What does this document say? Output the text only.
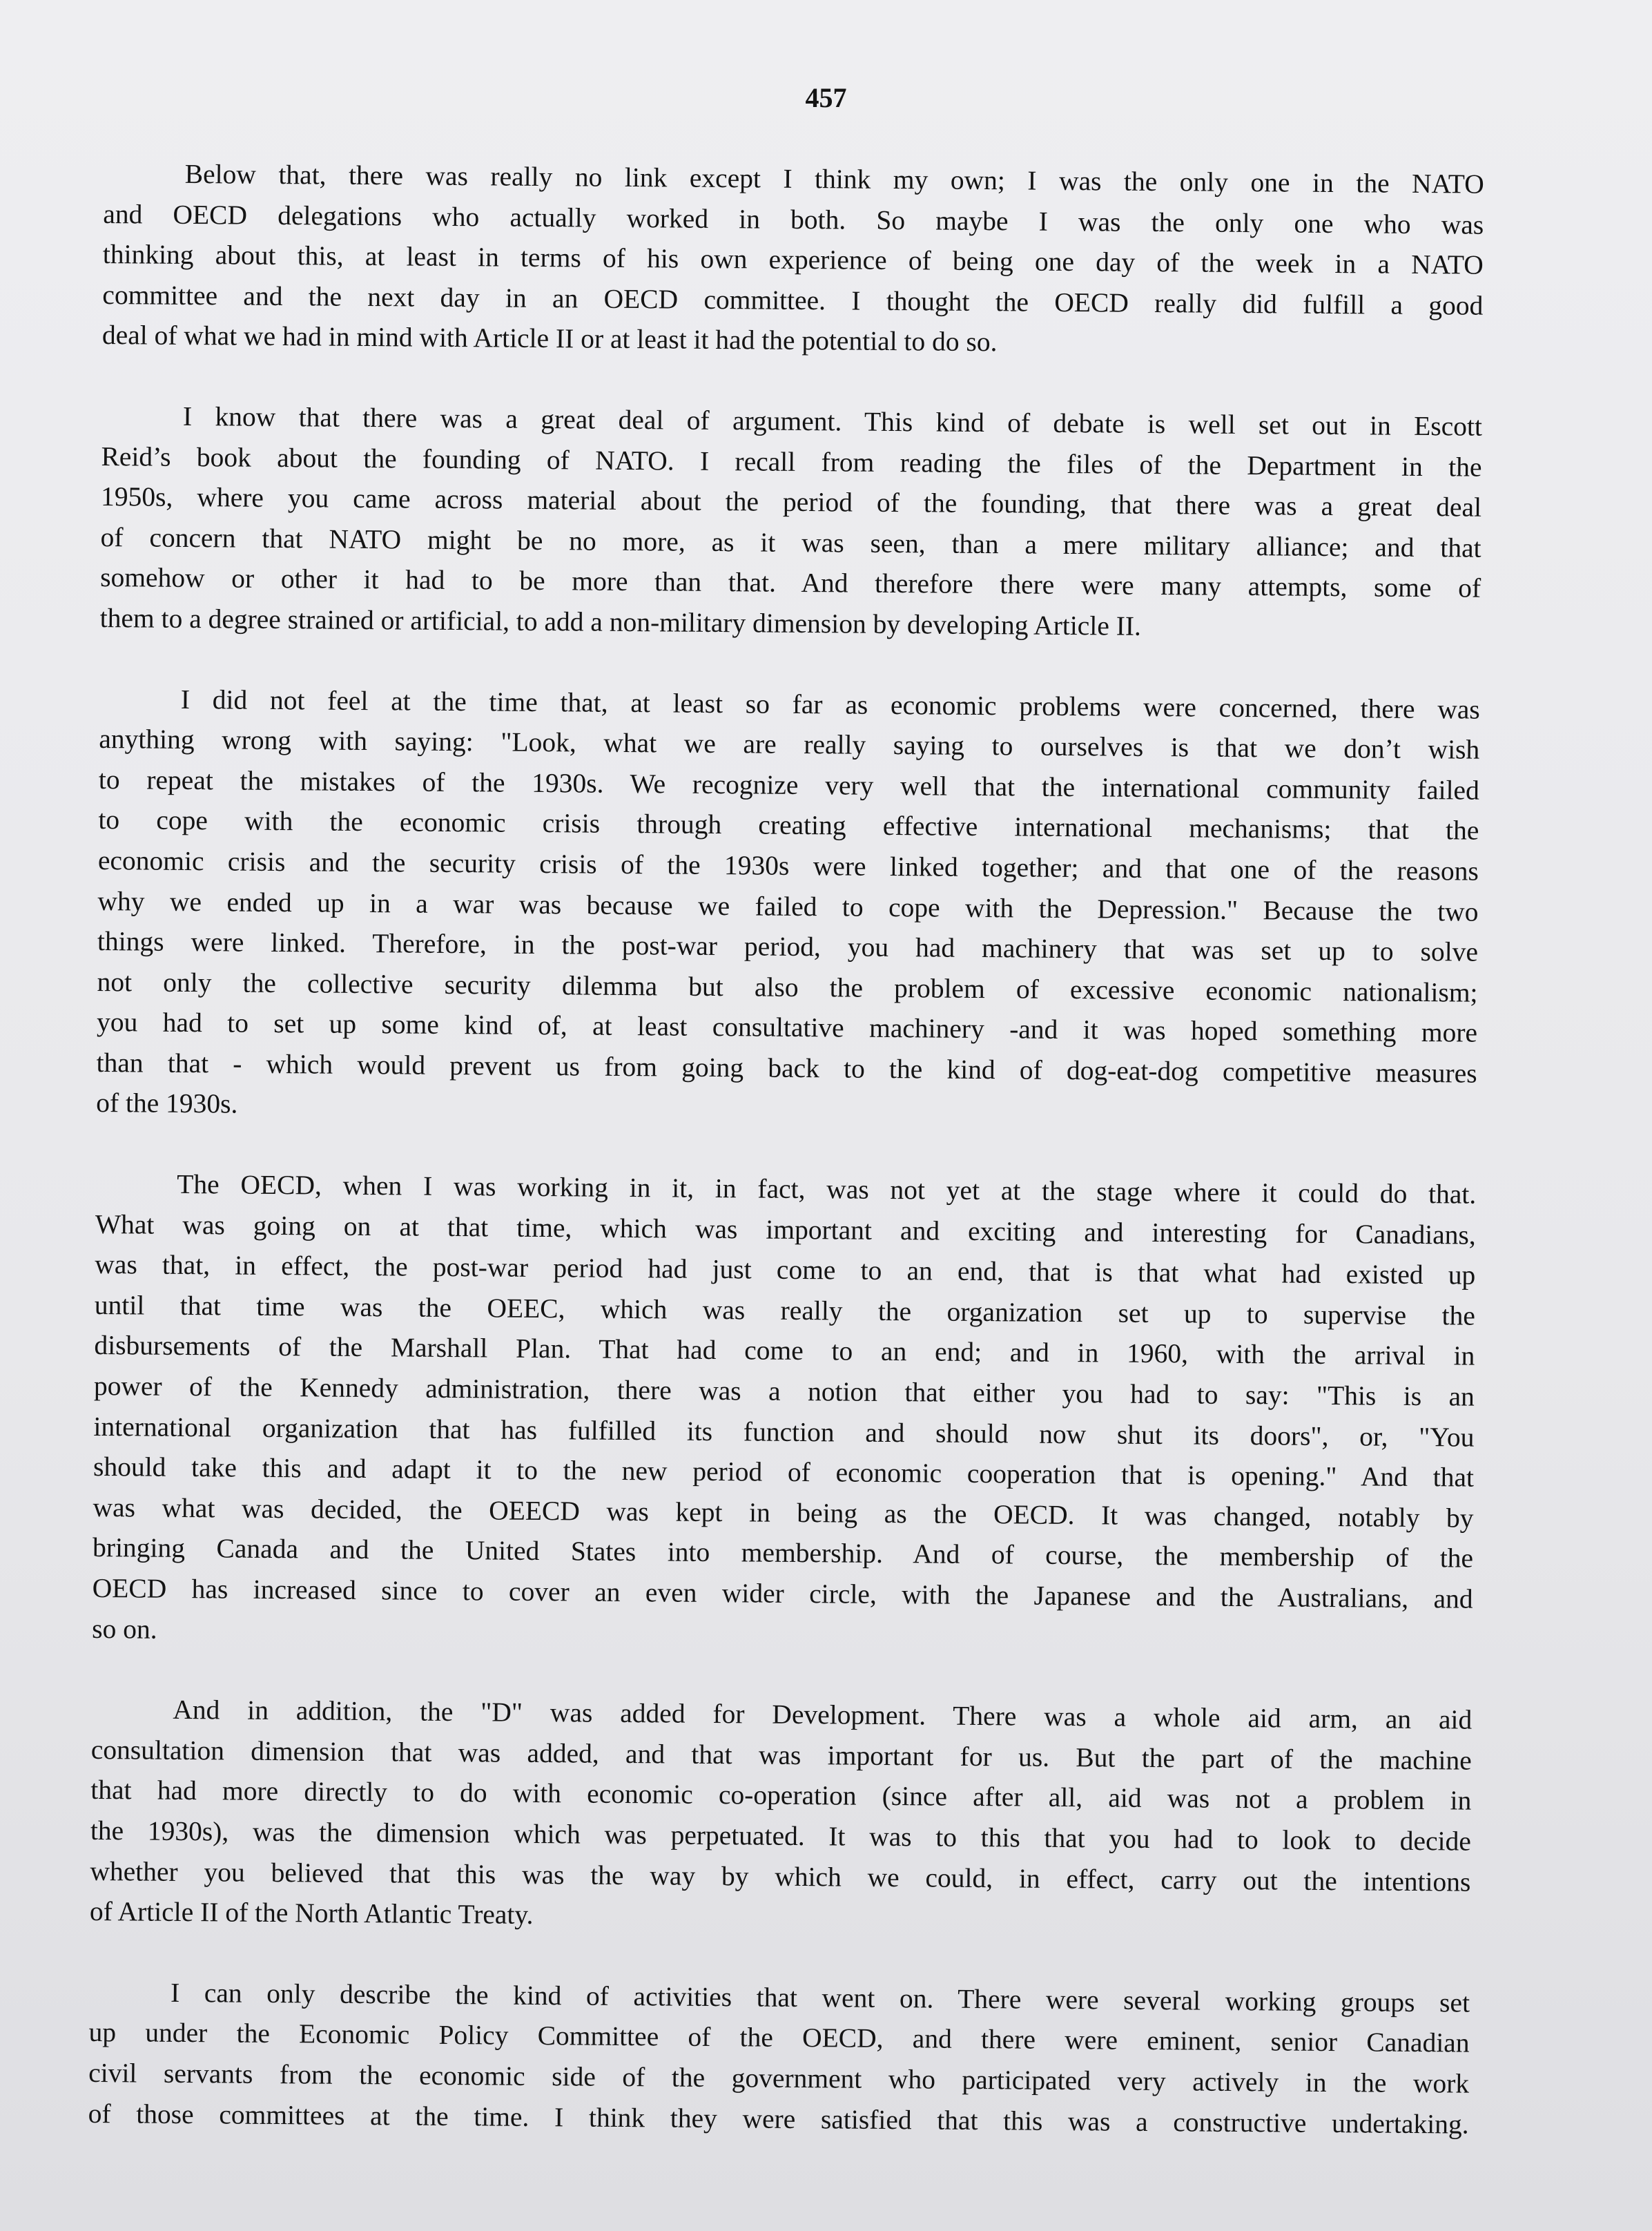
457
Below that, there was really no link except I think my own; I was the only one in the NATO
and OECD delegations who actually worked in both. So maybe I was the only one who was
thinking about this, at least in terms of his own experience of being one day of the week in a NATO
committee and the next day in an OECD committee. I thought the OECD really did fulfill a good
deal of what we had in mind with Article II or at least it had the potential to do so.
I know that there was a great deal of argument. This kind of debate is well set out in Escott
Reid’s book about the founding of NATO. I recall from reading the files of the Department in the
1950s, where you came across material about the period of the founding, that there was a great deal
of concern that NATO might be no more, as it was seen, than a mere military alliance; and that
somehow or other it had to be more than that. And therefore there were many attempts, some of
them to a degree strained or artificial, to add a non-military dimension by developing Article II.
I did not feel at the time that, at least so far as economic problems were concerned, there was
anything wrong with saying: "Look, what we are really saying to ourselves is that we don’t wish
to repeat the mistakes of the 1930s. We recognize very well that the international community failed
to cope with the economic crisis through creating effective international mechanisms; that the
economic crisis and the security crisis of the 1930s were linked together; and that one of the reasons
why we ended up in a war was because we failed to cope with the Depression." Because the two
things were linked. Therefore, in the post-war period, you had machinery that was set up to solve
not only the collective security dilemma but also the problem of excessive economic nationalism;
you had to set up some kind of, at least consultative machinery -and it was hoped something more
than that - which would prevent us from going back to the kind of dog-eat-dog competitive measures
of the 1930s.
The OECD, when I was working in it, in fact, was not yet at the stage where it could do that.
What was going on at that time, which was important and exciting and interesting for Canadians,
was that, in effect, the post-war period had just come to an end, that is that what had existed up
until that time was the OEEC, which was really the organization set up to supervise the
disbursements of the Marshall Plan. That had come to an end; and in 1960, with the arrival in
power of the Kennedy administration, there was a notion that either you had to say: "This is an
international organization that has fulfilled its function and should now shut its doors", or, "You
should take this and adapt it to the new period of economic cooperation that is opening." And that
was what was decided, the OEECD was kept in being as the OECD. It was changed, notably by
bringing Canada and the United States into membership. And of course, the membership of the
OECD has increased since to cover an even wider circle, with the Japanese and the Australians, and
so on.
And in addition, the "D" was added for Development. There was a whole aid arm, an aid
consultation dimension that was added, and that was important for us. But the part of the machine
that had more directly to do with economic co-operation (since after all, aid was not a problem in
the 1930s), was the dimension which was perpetuated. It was to this that you had to look to decide
whether you believed that this was the way by which we could, in effect, carry out the intentions
of Article II of the North Atlantic Treaty.
I can only describe the kind of activities that went on. There were several working groups set
up under the Economic Policy Committee of the OECD, and there were eminent, senior Canadian
civil servants from the economic side of the government who participated very actively in the work
of those committees at the time. I think they were satisfied that this was a constructive undertaking.
